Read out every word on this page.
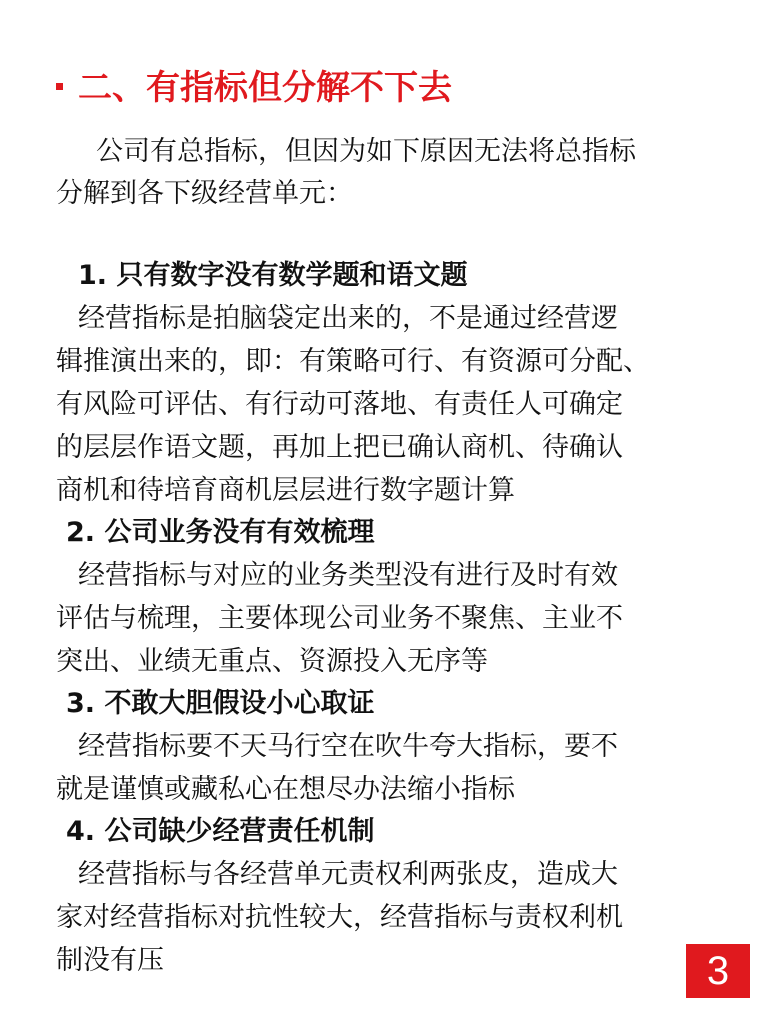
二、有指标但分解不下去
公司有总指标，但因为如下原因无法将总指标
分解到各下级经营单元：
1. 只有数字没有数学题和语文题
经营指标是拍脑袋定出来的，不是通过经营逻
辑推演出来的，即：有策略可行、有资源可分配、
有风险可评估、有行动可落地、有责任人可确定
的层层作语文题，再加上把已确认商机、待确认
商机和待培育商机层层进行数字题计算
2. 公司业务没有有效梳理
经营指标与对应的业务类型没有进行及时有效
评估与梳理，主要体现公司业务不聚焦、主业不
突出、业绩无重点、资源投入无序等
3. 不敢大胆假设小心取证
经营指标要不天马行空在吹牛夸大指标，要不
就是谨慎或藏私心在想尽办法缩小指标
4. 公司缺少经营责任机制
经营指标与各经营单元责权利两张皮，造成大
家对经营指标对抗性较大，经营指标与责权利机
制没有压	3
